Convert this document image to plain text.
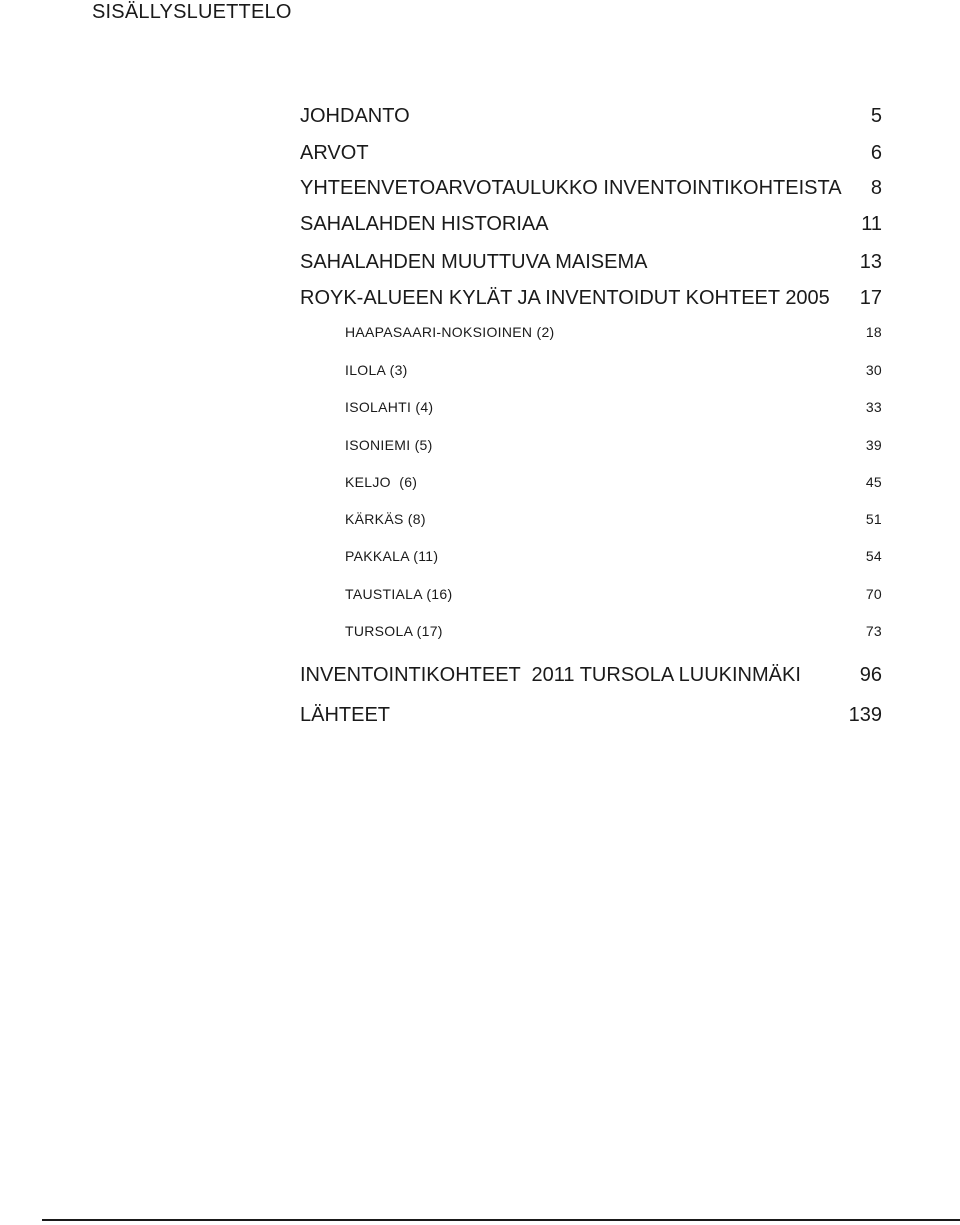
SISÄLLYSLUETTELO
JOHDANTO	5
ARVOT	6
YHTEENVETOARVOTAULUKKO INVENTOINTIKOHTEISTA 8
SAHALAHDEN HISTORIAA	11
SAHALAHDEN MUUTTUVA MAISEMA	13
ROYK-ALUEEN KYLÄT JA INVENTOIDUT KOHTEET 2005 17
HAAPASAARI-NOKSIOINEN (2)	18
ILOLA (3)	30
ISOLAHTI (4)	33
ISONIEMI (5)	39
KELJO  (6)	45
KÄRKÄS (8)	51
PAKKALA (11)	54
TAUSTIALA (16)	70
TURSOLA (17)	73
INVENTOINTIKOHTEET  2011 TURSOLA LUUKINMÄKI	96
LÄHTEET	139
